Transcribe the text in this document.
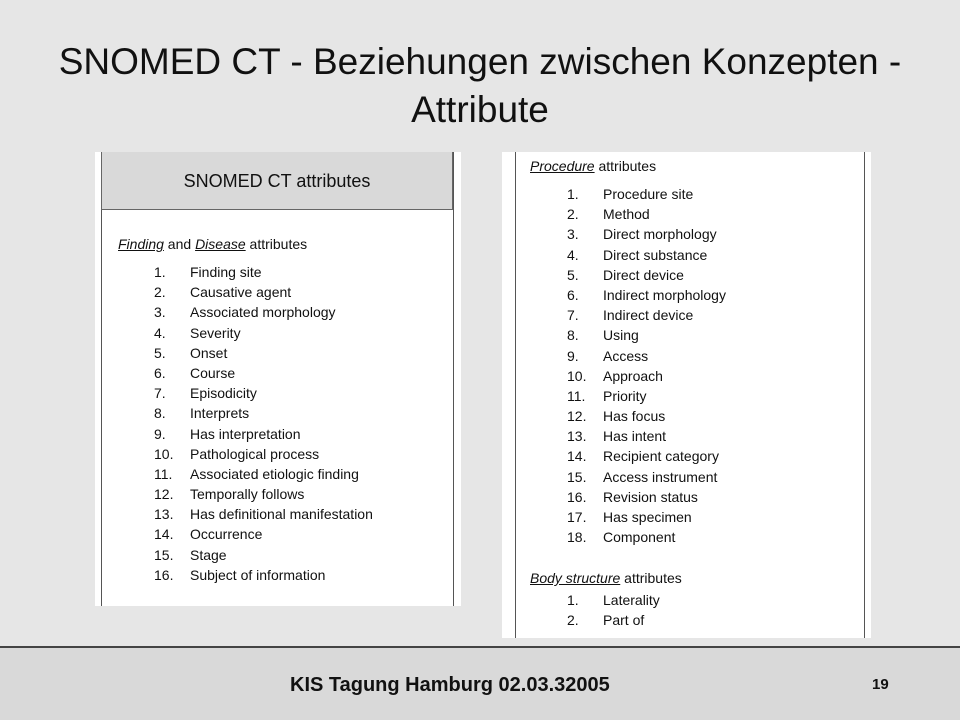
SNOMED CT - Beziehungen zwischen Konzepten - Attribute
SNOMED CT attributes
Finding and Disease attributes
1. Finding site
2. Causative agent
3. Associated morphology
4. Severity
5. Onset
6. Course
7. Episodicity
8. Interprets
9. Has interpretation
10. Pathological process
11. Associated etiologic finding
12. Temporally follows
13. Has definitional manifestation
14. Occurrence
15. Stage
16. Subject of information
Procedure attributes
1. Procedure site
2. Method
3. Direct morphology
4. Direct substance
5. Direct device
6. Indirect morphology
7. Indirect device
8. Using
9. Access
10. Approach
11. Priority
12. Has focus
13. Has intent
14. Recipient category
15. Access instrument
16. Revision status
17. Has specimen
18. Component
Body structure attributes
1. Laterality
2. Part of
KIS Tagung Hamburg 02.03.32005	19
